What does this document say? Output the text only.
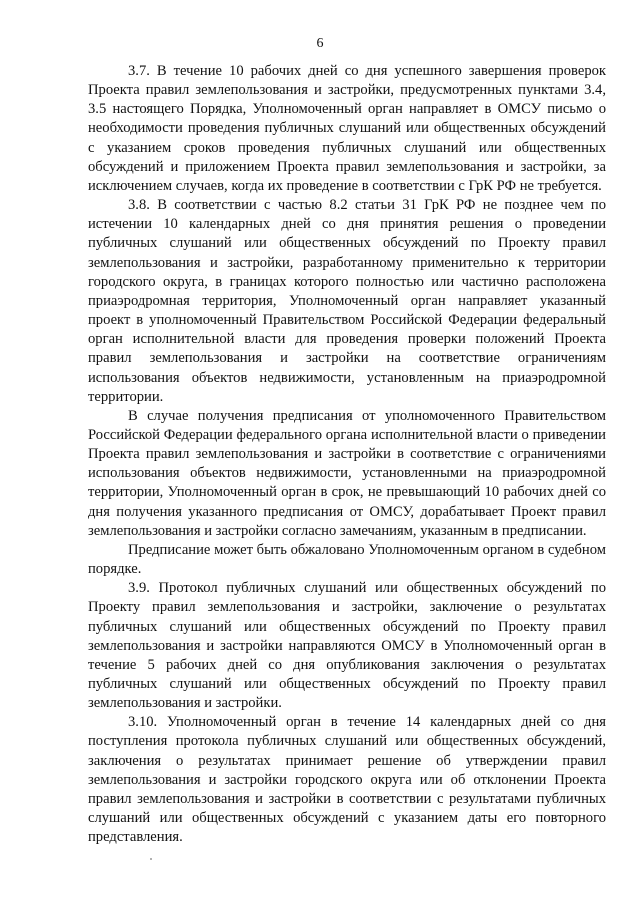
6

3.7. В течение 10 рабочих дней со дня успешного завершения проверок Проекта правил землепользования и застройки, предусмотренных пунктами 3.4, 3.5 настоящего Порядка, Уполномоченный орган направляет в ОМСУ письмо о необходимости проведения публичных слушаний или общественных обсуждений с указанием сроков проведения публичных слушаний или общественных обсуждений и приложением Проекта правил землепользования и застройки, за исключением случаев, когда их проведение в соответствии с ГрК РФ не требуется.

3.8. В соответствии с частью 8.2 статьи 31 ГрК РФ не позднее чем по истечении 10 календарных дней со дня принятия решения о проведении публичных слушаний или общественных обсуждений по Проекту правил землепользования и застройки, разработанному применительно к территории городского округа, в границах которого полностью или частично расположена приаэродромная территория, Уполномоченный орган направляет указанный проект в уполномоченный Правительством Российской Федерации федеральный орган исполнительной власти для проведения проверки положений Проекта правил землепользования и застройки на соответствие ограничениям использования объектов недвижимости, установленным на приаэродромной территории.

В случае получения предписания от уполномоченного Правительством Российской Федерации федерального органа исполнительной власти о приведении Проекта правил землепользования и застройки в соответствие с ограничениями использования объектов недвижимости, установленными на приаэродромной территории, Уполномоченный орган в срок, не превышающий 10 рабочих дней со дня получения указанного предписания от ОМСУ, дорабатывает Проект правил землепользования и застройки согласно замечаниям, указанным в предписании.

Предписание может быть обжаловано Уполномоченным органом в судебном порядке.

3.9. Протокол публичных слушаний или общественных обсуждений по Проекту правил землепользования и застройки, заключение о результатах публичных слушаний или общественных обсуждений по Проекту правил землепользования и застройки направляются ОМСУ в Уполномоченный орган в течение 5 рабочих дней со дня опубликования заключения о результатах публичных слушаний или общественных обсуждений по Проекту правил землепользования и застройки.

3.10. Уполномоченный орган в течение 14 календарных дней со дня поступления протокола публичных слушаний или общественных обсуждений, заключения о результатах принимает решение об утверждении правил землепользования и застройки городского округа или об отклонении Проекта правил землепользования и застройки в соответствии с результатами публичных слушаний или общественных обсуждений с указанием даты его повторного представления.
